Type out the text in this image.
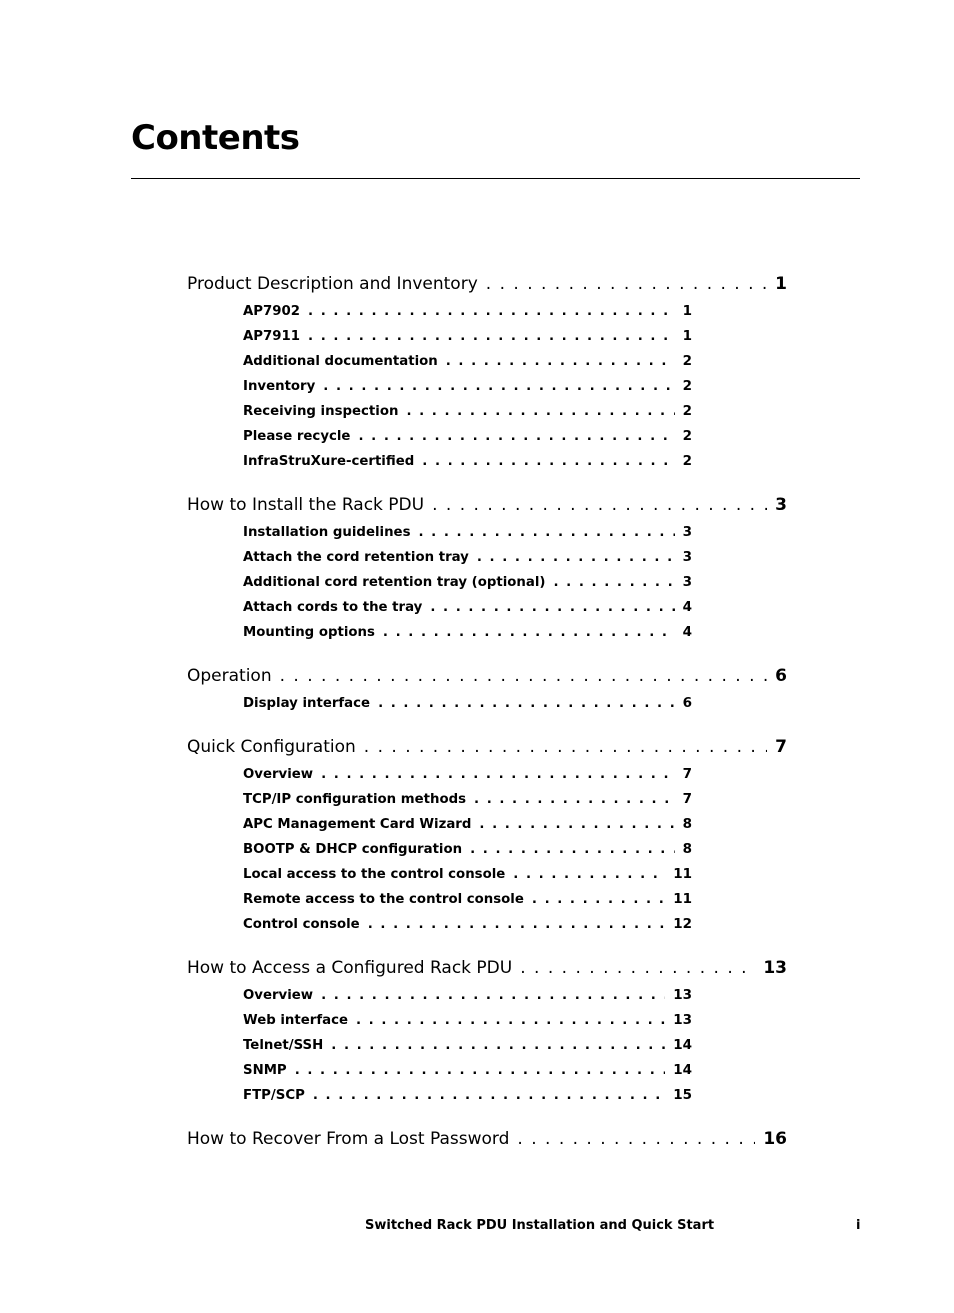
Contents
Product Description and Inventory . . .	1
AP7902 . . .	1
AP7911 . . .	1
Additional documentation . . .	2
Inventory . . .	2
Receiving inspection . . .	2
Please recycle . . .	2
InfraStruXure-certified . . .	2
How to Install the Rack PDU . . .	3
Installation guidelines . . .	3
Attach the cord retention tray . . .	3
Additional cord retention tray (optional) . . .	3
Attach cords to the tray . . .	4
Mounting options . . .	4
Operation . . .	6
Display interface . . .	6
Quick Configuration . . .	7
Overview . . .	7
TCP/IP configuration methods . . .	7
APC Management Card Wizard . . .	8
BOOTP & DHCP configuration . . .	8
Local access to the control console . . .	11
Remote access to the control console . . .	11
Control console . . .	12
How to Access a Configured Rack PDU . . .	13
Overview . . .	13
Web interface . . .	13
Telnet/SSH . . .	14
SNMP . . .	14
FTP/SCP . . .	15
How to Recover From a Lost Password . . .	16
Switched Rack PDU Installation and Quick Start	i
